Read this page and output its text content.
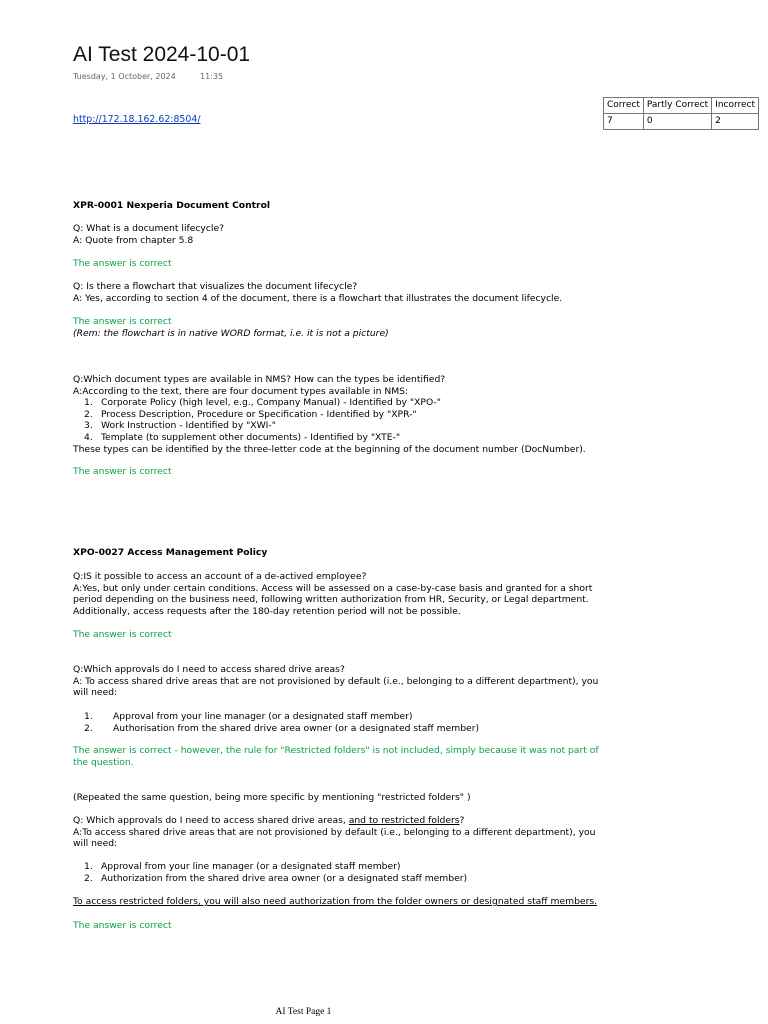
AI Test 2024-10-01
Tuesday, 1 October, 2024	11:35
http://172.18.162.62:8504/
Correct	Partly Correct	Incorrect
7	0	2
XPR-0001 Nexperia Document Control
Q: What is a document lifecycle?
A: Quote from chapter 5.8
The answer is correct
Q: Is there a flowchart that visualizes the document lifecycle?
A: Yes, according to section 4 of the document, there is a flowchart that illustrates the document lifecycle.
The answer is correct
(Rem: the flowchart is in native WORD format, i.e. it is not a picture)
Q:Which document types are available in NMS? How can the types be identified?
A:According to the text, there are four document types available in NMS:
1. Corporate Policy (high level, e.g., Company Manual) - Identified by "XPO-"
2. Process Description, Procedure or Specification - Identified by "XPR-"
3. Work Instruction - Identified by "XWI-"
4. Template (to supplement other documents) - Identified by "XTE-"
These types can be identified by the three-letter code at the beginning of the document number (DocNumber).
The answer is correct
XPO-0027 Access Management Policy
Q:IS it possible to access an account of a de-actived employee?
A:Yes, but only under certain conditions. Access will be assessed on a case-by-case basis and granted for a short
period depending on the business need, following written authorization from HR, Security, or Legal department.
Additionally, access requests after the 180-day retention period will not be possible.
The answer is correct
Q:Which approvals do I need to access shared drive areas?
A: To access shared drive areas that are not provisioned by default (i.e., belonging to a different department), you
will need:
1. Approval from your line manager (or a designated staff member)
2. Authorisation from the shared drive area owner (or a designated staff member)
The answer is correct - however, the rule for "Restricted folders" is not included, simply because it was not part of
the question.
(Repeated the same question, being more specific by mentioning "restricted folders" )
Q: Which approvals do I need to access shared drive areas, and to restricted folders?
A:To access shared drive areas that are not provisioned by default (i.e., belonging to a different department), you
will need:
1. Approval from your line manager (or a designated staff member)
2. Authorization from the shared drive area owner (or a designated staff member)
To access restricted folders, you will also need authorization from the folder owners or designated staff members.
The answer is correct
AI Test Page 1
